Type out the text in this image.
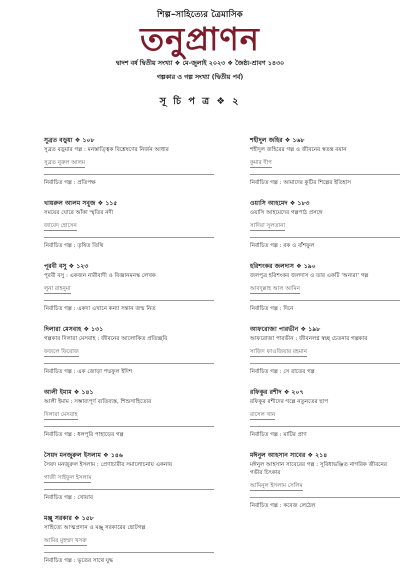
শিল্প–সাহিত্যের ত্রৈমাসিক
তনুপ্রাণন
দ্বাদশ বর্ষ দ্বিতীয় সংখ্যা ❖ মে-জুলাই ২০২৩ ❖ জৈষ্ঠ্য-শ্রাবণ ১৪৩০
গল্পকার ও গল্প সংখ্যা (দ্বিতীয় পর্ব)
সূ চি প ত্র ❖ ২
সুব্রত বড়ুয়া ❖ ১০৮
সুব্রত বড়ুয়ার গল্প : মনস্তাত্ত্বিক বিশ্লেষণের নির্জন আধার
সুব্রত নুরুল আলম
নির্বাচিত গল্প : প্রতিপক্ষ
খায়রুল আলম সবুজ ❖ ১১৫
সময়ের ঘোরে আঁকা স্মৃতির নদী
জাবেদ হোসেন
নির্বাচিত গল্প : তৃষিত তিথি
পূরবী বসু ❖ ১২৩
পূরবী বসু : একজন নারীবাদী ও বিজ্ঞানমনস্ক লেখক
লুনা রাহনুমা
নির্বাচিত গল্প : একদা এখানে কন্যা সন্তান জন্ম নিত
দিলারা মেসবাহ ❖ ১৩১
গল্পকার দিলারা মেসবাহ : জীবনের আলোকিত প্রতিচ্ছবি
ফজলে ফিরোজ
নির্বাচিত গল্প : এক জোড়া পদ্মফুল ইদিশ
আলী ইমাম ❖ ১৪১
আলী ইমাম : সম্ভাব্যপূর্ণ ব্যতিব্যস্ত, শিশুসাহিত্যের
দিলারা মেসবাহ
নির্বাচিত গল্প : ধলপুরি পাহাড়ের গল্প
সৈয়দ মনজুরুল ইসলাম ❖ ১৪৬
সৈয়দ মনজুরুল ইসলাম : প্রেণাচারীর সমালোচনায় একনায়
গাজী সাইফুল ইসলাম
নির্বাচিত গল্প : খোয়াব
মঞ্জু সরকার ❖ ১৫৮
সাহিত্যে আত্মপ্রদান ও মঞ্জু সরকারের ছোটগল্প
আমির মুহম্মদ খসরু
নির্বাচিত গল্প : ভূতের সাথে যুদ্ধ
শহীদুল জহির ❖ ১৬৮
শহীদুল জহিরের গল্প ও জীবনের স্বতন্ত্র বয়ান
কুমার দীপ
নির্বাচিত গল্প : আমাদের কুটির শিল্পের ইতিহাস
ওয়াসি আহমেদ ❖ ১৮৩
ওয়াসি আহমেদের গল্পপাঠ প্রসঙ্গে
সাদিয়া সুলতানা
নির্বাচিত গল্প : বক ও বাঁশফুল
হরিশংকর জলদাস ❖ ১৯০
জলপুত্র হরিশংকর জলদাস ও তার একটি 'অন্যরা' গল্প
আবদুল্লাহ আল আমিন
নির্বাচিত গল্প : দিনে
আফরোজা পারভীন ❖ ১৯৮
আফরোজা পারভীন : জীবনলগ্ন স্বচ্ছ চেতনার গল্পকার
সাজিদ ফাওজিয়ার রহমান
নির্বাচিত গল্প : সে রাতের গল্প
রফিকুর রশীদ ❖ ২০৭
রফিকুর রশীদের গল্পে নতুনতের ছাপ
রাসেল খান
নির্বাচিত গল্প : মাটির প্রাণ
মঈনুল আহসান সাবের ❖ ২১৪
মঈনুল আহসান সাবেরের গল্প : সুবিধাভঞ্জিত নাগরিক জীবনের গভীর চিৎকার
আমিনুল ইসলাম সেলিম
নির্বাচিত গল্প : কবেজ লেঠেল
